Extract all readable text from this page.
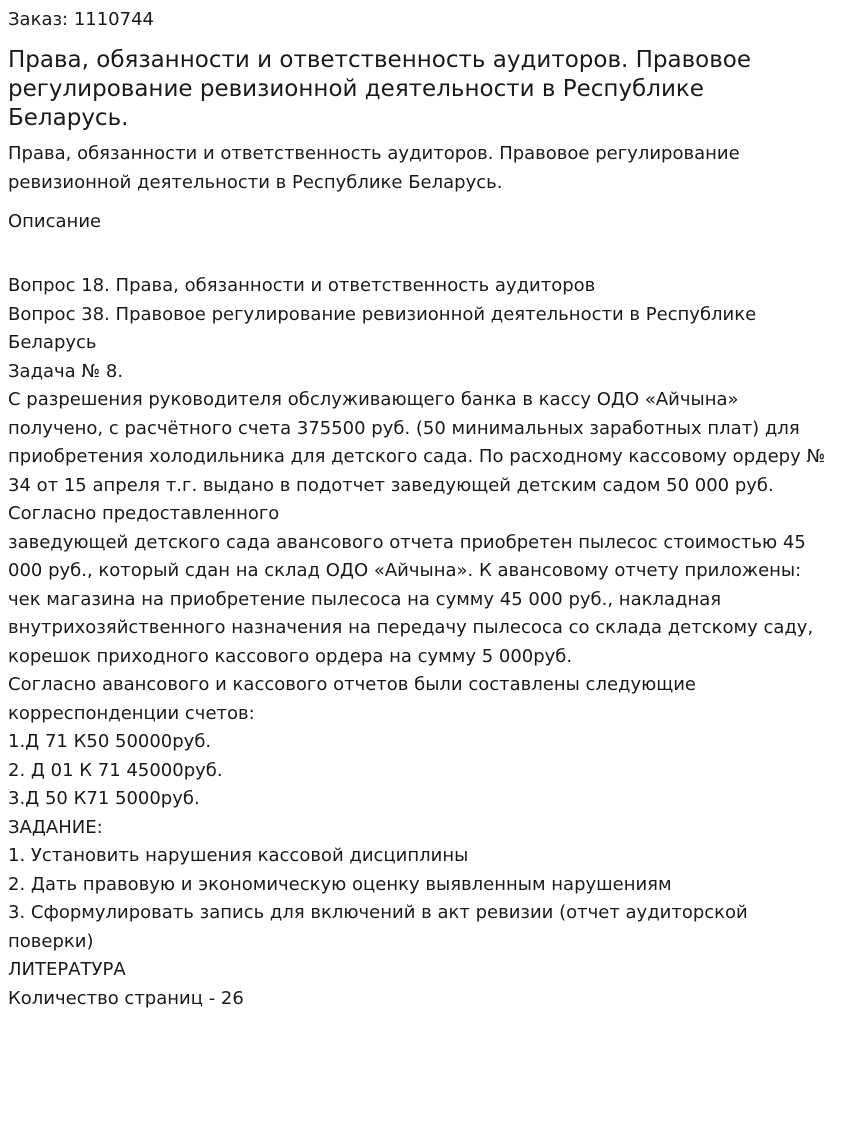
Заказ: 1110744
Права, обязанности и ответственность аудиторов. Правовое регулирование ревизионной деятельности в Республике Беларусь.
Права, обязанности и ответственность аудиторов. Правовое регулирование ревизионной деятельности в Республике Беларусь.
Описание
Вопрос 18. Права, обязанности и ответственность аудиторов
Вопрос 38. Правовое регулирование ревизионной деятельности в Республике Беларусь
Задача № 8.
С разрешения руководителя обслуживающего банка в кассу ОДО «Айчына» получено, с расчётного счета 375500 руб. (50 минимальных заработных плат) для приобретения холодильника для детского сада. По расходному кассовому ордеру № 34 от 15 апреля т.г. выдано в подотчет заведующей детским садом 50 000 руб.
Согласно предоставленного
заведующей детского сада авансового отчета приобретен пылесос стоимостью 45 000 руб., который сдан на склад ОДО «Айчына». К авансовому отчету приложены: чек магазина на приобретение пылесоса на сумму 45 000 руб., накладная внутрихозяйственного назначения на передачу пылесоса со склада детскому саду, корешок приходного кассового ордера на сумму 5 000руб.
Согласно авансового и кассового отчетов были составлены следующие корреспонденции счетов:
1.Д 71 К50 50000руб.
2. Д 01 К 71 45000руб.
3.Д 50 К71 5000руб.
ЗАДАНИЕ:
1. Установить нарушения кассовой дисциплины
2. Дать правовую и экономическую оценку выявленным нарушениям
3. Сформулировать запись для включений в акт ревизии (отчет аудиторской поверки)
ЛИТЕРАТУРА
Количество страниц - 26
